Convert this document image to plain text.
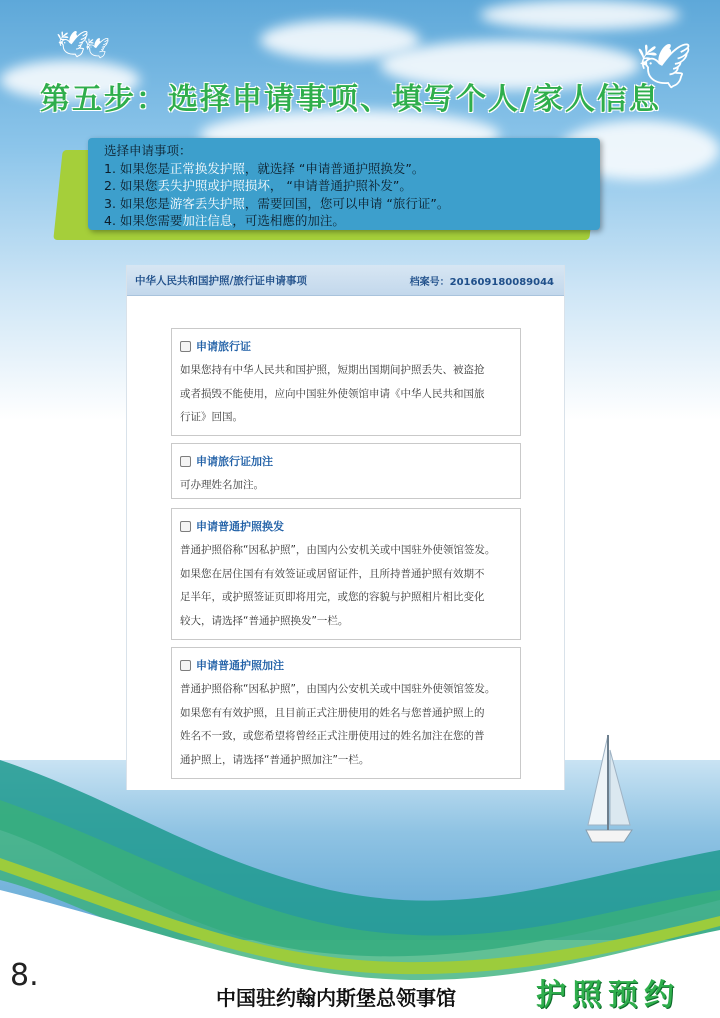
🕊
🕊	🕊
第五步：选择申请事项、填写个人/家人信息
选择申请事项：
1. 如果您是正常换发护照，就选择 “申请普通护照换发”。
2. 如果您丢失护照或护照损坏， “申请普通护照补发”。
3. 如果您是游客丢失护照，需要回国，您可以申请 “旅行证”。
4. 如果您需要加注信息，可选相應的加注。
中华人民共和国护照/旅行证申请事项	档案号：201609180089044
申请旅行证
如果您持有中华人民共和国护照，短期出国期间护照丢失、被盗抢
或者损毁不能使用，应向中国驻外使领馆申请《中华人民共和国旅
行证》回国。
申请旅行证加注
可办理姓名加注。
申请普通护照换发
普通护照俗称“因私护照”，由国内公安机关或中国驻外使领馆签发。
如果您在居住国有有效签证或居留证件，且所持普通护照有效期不
足半年，或护照签证页即将用完，或您的容貌与护照相片相比变化
较大，请选择“普通护照换发”一栏。
申请普通护照加注
普通护照俗称“因私护照”，由国内公安机关或中国驻外使领馆签发。
如果您有有效护照，且目前正式注册使用的姓名与您普通护照上的
姓名不一致，或您希望将曾经正式注册使用过的姓名加注在您的普
通护照上，请选择“普通护照加注”一栏。
8.
中国驻约翰内斯堡总领事馆	护照预约
